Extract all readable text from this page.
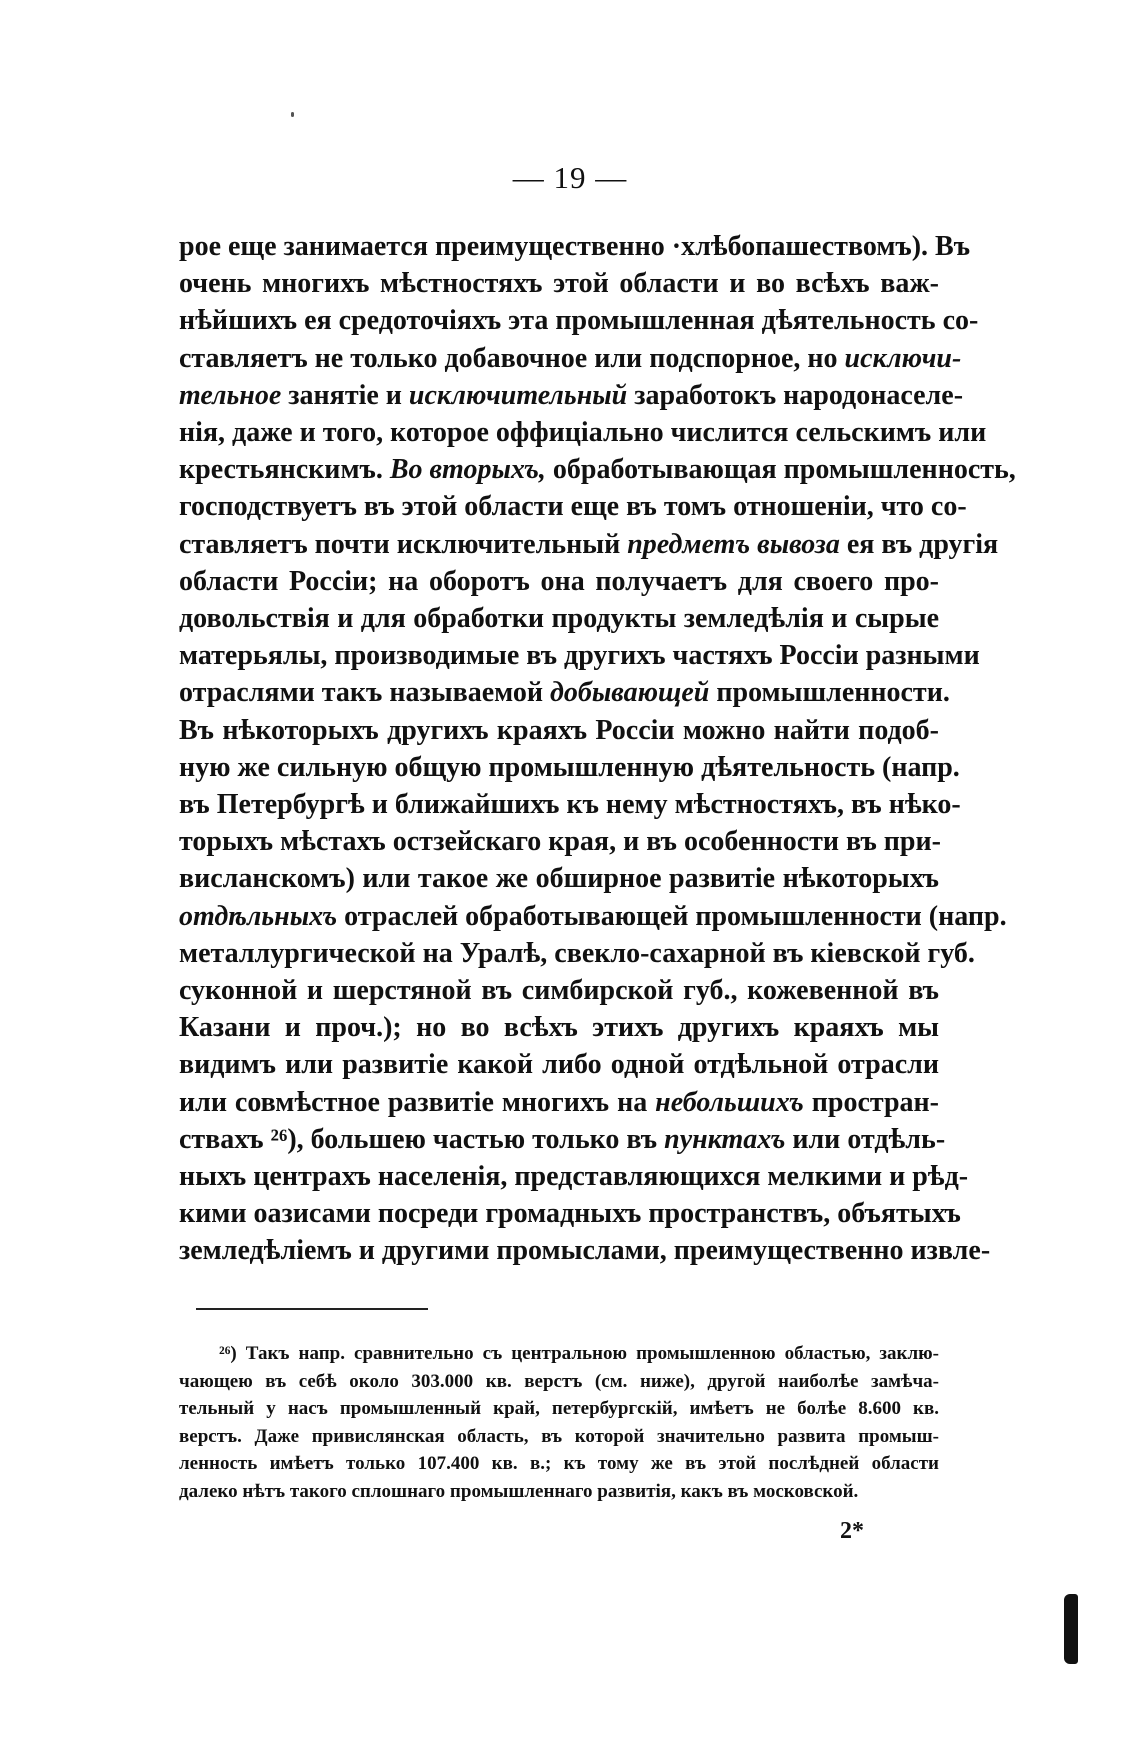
— 19 —
рое еще занимается преимущественно ·хлѣбопашествомъ). Въ
очень многихъ мѣстностяхъ этой области и во всѣхъ важ-
нѣйшихъ ея средоточіяхъ эта промышленная дѣятельность со-
ставляетъ не только добавочное или подспорное, но исключи-
тельное занятіе и исключительный заработокъ народонаселе-
нія, даже и того, которое оффиціально числится сельскимъ или
крестьянскимъ. Во вторыхъ, обработывающая промышленность,
господствуетъ въ этой области еще въ томъ отношеніи, что со-
ставляетъ почти исключительный предметъ вывоза ея въ другія
области Россіи; на оборотъ она получаетъ для своего про-
довольствія и для обработки продукты земледѣлія и сырые
матерьялы, производимые въ другихъ частяхъ Россіи разными
отраслями такъ называемой добывающей промышленности.
Въ нѣкоторыхъ другихъ краяхъ Россіи можно найти подоб-
ную же сильную общую промышленную дѣятельность (напр.
въ Петербургѣ и ближайшихъ къ нему мѣстностяхъ, въ нѣко-
торыхъ мѣстахъ остзейскаго края, и въ особенности въ при-
висланскомъ) или такое же обширное развитіе нѣкоторыхъ
отдѣльныхъ отраслей обработывающей промышленности (напр.
металлургической на Уралѣ, свекло-сахарной въ кіевской губ.
суконной и шерстяной въ симбирской губ., кожевенной въ
Казани и проч.); но во всѣхъ этихъ другихъ краяхъ мы
видимъ или развитіе какой либо одной отдѣльной отрасли
или совмѣстное развитіе многихъ на небольшихъ простран-
ствахъ ²⁶), большею частью только въ пунктахъ или отдѣль-
ныхъ центрахъ населенія, представляющихся мелкими и рѣд-
кими оазисами посреди громадныхъ пространствъ, объятыхъ
земледѣліемъ и другими промыслами, преимущественно извле-
²⁶) Такъ напр. сравнительно съ центральною промышленною областью, заклю-
чающею въ себѣ около 303.000 кв. верстъ (см. ниже), другой наиболѣе замѣча-
тельный у насъ промышленный край, петербургскій, имѣетъ не болѣе 8.600 кв.
верстъ. Даже привислянская область, въ которой значительно развита промыш-
ленность имѣетъ только 107.400 кв. в.; къ тому же въ этой послѣдней области
далеко нѣтъ такого сплошнаго промышленнаго развитія, какъ въ московской.
2*
